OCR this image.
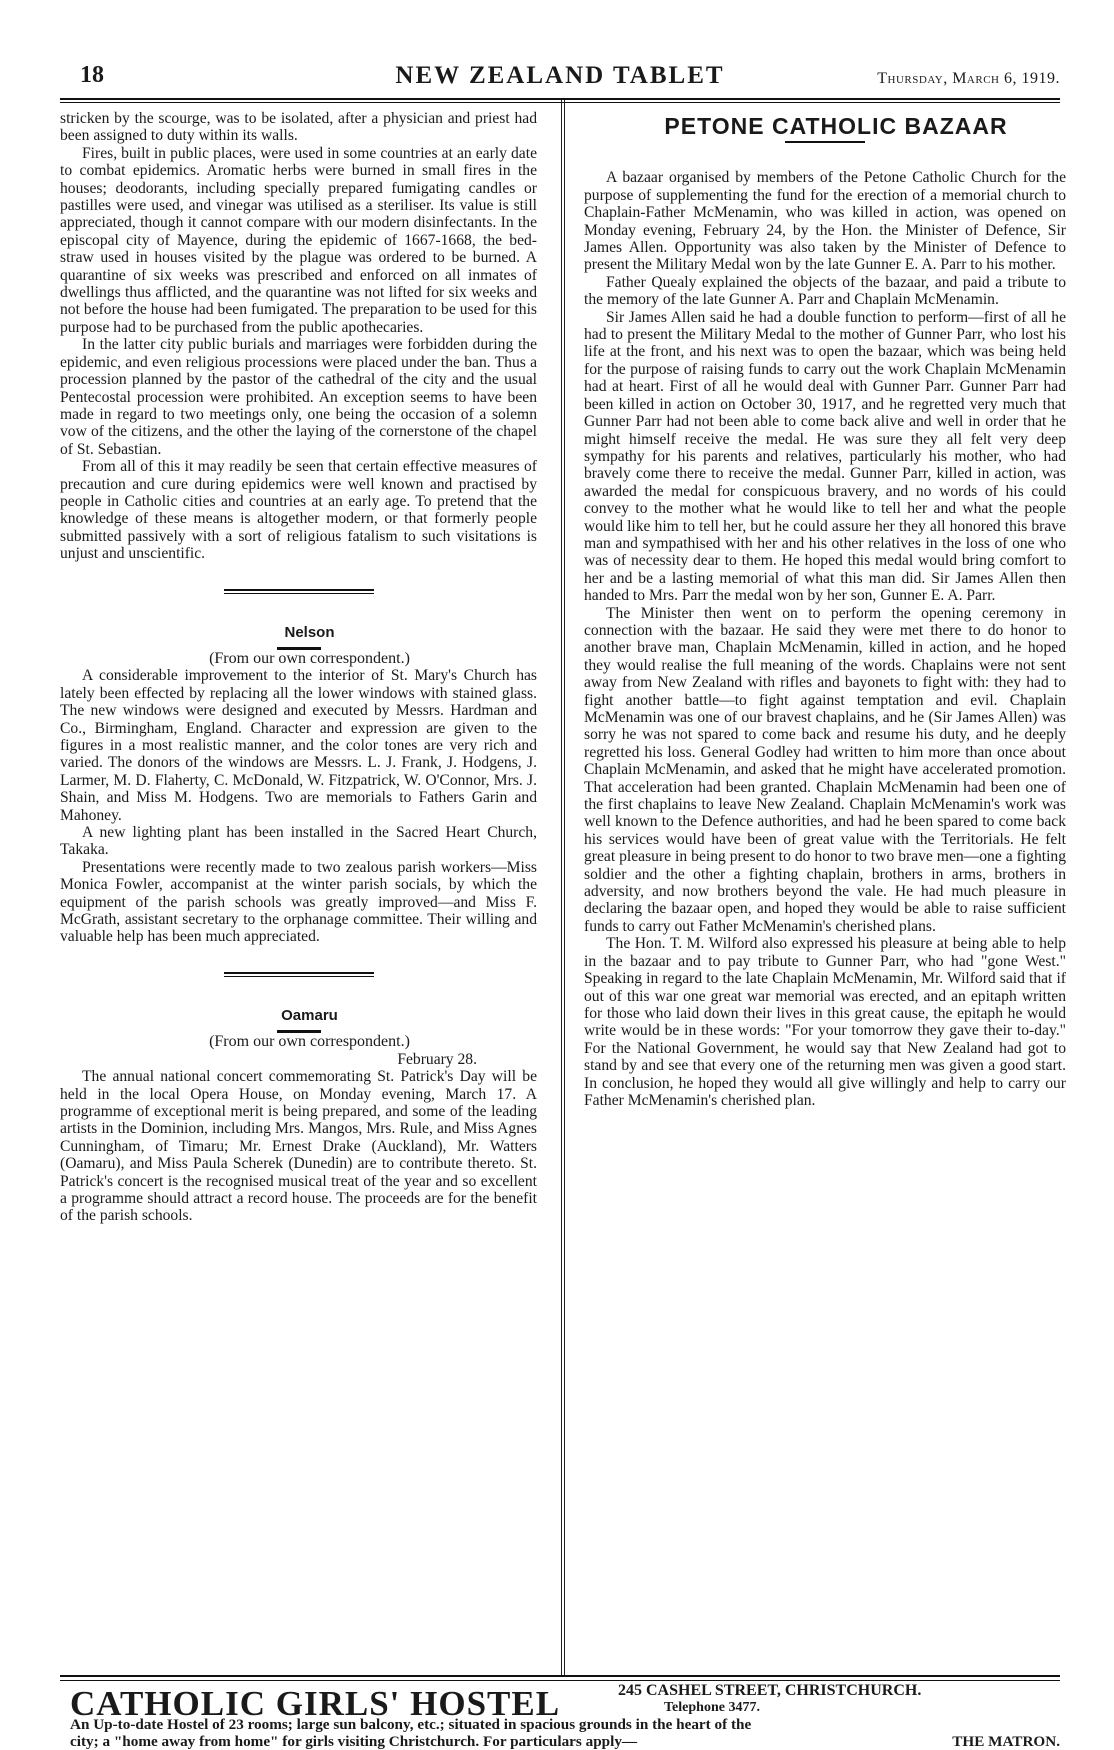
18	NEW ZEALAND TABLET	Thursday, March 6, 1919.

stricken by the scourge, was to be isolated, after a physician and priest had been assigned to duty within its walls.

Fires, built in public places, were used in some countries at an early date to combat epidemics. Aromatic herbs were burned in small fires in the houses; deodorants, including specially prepared fumigating candles or pastilles were used, and vinegar was utilised as a steriliser. Its value is still appreciated, though it cannot compare with our modern disinfectants. In the episcopal city of Mayence, during the epidemic of 1667-1668, the bed-straw used in houses visited by the plague was ordered to be burned. A quarantine of six weeks was prescribed and enforced on all inmates of dwellings thus afflicted, and the quarantine was not lifted for six weeks and not before the house had been fumigated. The preparation to be used for this purpose had to be purchased from the public apothecaries.

In the latter city public burials and marriages were forbidden during the epidemic, and even religious processions were placed under the ban. Thus a procession planned by the pastor of the cathedral of the city and the usual Pentecostal procession were prohibited. An exception seems to have been made in regard to two meetings only, one being the occasion of a solemn vow of the citizens, and the other the laying of the cornerstone of the chapel of St. Sebastian.

From all of this it may readily be seen that certain effective measures of precaution and cure during epidemics were well known and practised by people in Catholic cities and countries at an early age. To pretend that the knowledge of these means is altogether modern, or that formerly people submitted passively with a sort of religious fatalism to such visitations is unjust and unscientific.

Nelson

(From our own correspondent.)

A considerable improvement to the interior of St. Mary's Church has lately been effected by replacing all the lower windows with stained glass. The new windows were designed and executed by Messrs. Hardman and Co., Birmingham, England. Character and expression are given to the figures in a most realistic manner, and the color tones are very rich and varied. The donors of the windows are Messrs. L. J. Frank, J. Hodgens, J. Larmer, M. D. Flaherty, C. McDonald, W. Fitzpatrick, W. O'Connor, Mrs. J. Shain, and Miss M. Hodgens. Two are memorials to Fathers Garin and Mahoney.

A new lighting plant has been installed in the Sacred Heart Church, Takaka.

Presentations were recently made to two zealous parish workers—Miss Monica Fowler, accompanist at the winter parish socials, by which the equipment of the parish schools was greatly improved—and Miss F. McGrath, assistant secretary to the orphanage committee. Their willing and valuable help has been much appreciated.

Oamaru

(From our own correspondent.)

February 28.

The annual national concert commemorating St. Patrick's Day will be held in the local Opera House, on Monday evening, March 17. A programme of exceptional merit is being prepared, and some of the leading artists in the Dominion, including Mrs. Mangos, Mrs. Rule, and Miss Agnes Cunningham, of Timaru; Mr. Ernest Drake (Auckland), Mr. Watters (Oamaru), and Miss Paula Scherek (Dunedin) are to contribute thereto. St. Patrick's concert is the recognised musical treat of the year and so excellent a programme should attract a record house. The proceeds are for the benefit of the parish schools.

PETONE CATHOLIC BAZAAR

A bazaar organised by members of the Petone Catholic Church for the purpose of supplementing the fund for the erection of a memorial church to Chaplain-Father McMenamin, who was killed in action, was opened on Monday evening, February 24, by the Hon. the Minister of Defence, Sir James Allen. Opportunity was also taken by the Minister of Defence to present the Military Medal won by the late Gunner E. A. Parr to his mother.

Father Quealy explained the objects of the bazaar, and paid a tribute to the memory of the late Gunner A. Parr and Chaplain McMenamin.

Sir James Allen said he had a double function to perform—first of all he had to present the Military Medal to the mother of Gunner Parr, who lost his life at the front, and his next was to open the bazaar, which was being held for the purpose of raising funds to carry out the work Chaplain McMenamin had at heart. First of all he would deal with Gunner Parr. Gunner Parr had been killed in action on October 30, 1917, and he regretted very much that Gunner Parr had not been able to come back alive and well in order that he might himself receive the medal. He was sure they all felt very deep sympathy for his parents and relatives, particularly his mother, who had bravely come there to receive the medal. Gunner Parr, killed in action, was awarded the medal for conspicuous bravery, and no words of his could convey to the mother what he would like to tell her and what the people would like him to tell her, but he could assure her they all honored this brave man and sympathised with her and his other relatives in the loss of one who was of necessity dear to them. He hoped this medal would bring comfort to her and be a lasting memorial of what this man did. Sir James Allen then handed to Mrs. Parr the medal won by her son, Gunner E. A. Parr.

The Minister then went on to perform the opening ceremony in connection with the bazaar. He said they were met there to do honor to another brave man, Chaplain McMenamin, killed in action, and he hoped they would realise the full meaning of the words. Chaplains were not sent away from New Zealand with rifles and bayonets to fight with: they had to fight another battle—to fight against temptation and evil. Chaplain McMenamin was one of our bravest chaplains, and he (Sir James Allen) was sorry he was not spared to come back and resume his duty, and he deeply regretted his loss. General Godley had written to him more than once about Chaplain McMenamin, and asked that he might have accelerated promotion. That acceleration had been granted. Chaplain McMenamin had been one of the first chaplains to leave New Zealand. Chaplain McMenamin's work was well known to the Defence authorities, and had he been spared to come back his services would have been of great value with the Territorials. He felt great pleasure in being present to do honor to two brave men—one a fighting soldier and the other a fighting chaplain, brothers in arms, brothers in adversity, and now brothers beyond the vale. He had much pleasure in declaring the bazaar open, and hoped they would be able to raise sufficient funds to carry out Father McMenamin's cherished plans.

The Hon. T. M. Wilford also expressed his pleasure at being able to help in the bazaar and to pay tribute to Gunner Parr, who had "gone West." Speaking in regard to the late Chaplain McMenamin, Mr. Wilford said that if out of this war one great war memorial was erected, and an epitaph written for those who laid down their lives in this great cause, the epitaph he would write would be in these words: "For your tomorrow they gave their to-day." For the National Government, he would say that New Zealand had got to stand by and see that every one of the returning men was given a good start. In conclusion, he hoped they would all give willingly and help to carry our Father McMenamin's cherished plan.

CATHOLIC GIRLS' HOSTEL	245 CASHEL STREET, CHRISTCHURCH.
Telephone 3477.
An Up-to-date Hostel of 23 rooms; large sun balcony, etc.; situated in spacious grounds in the heart of the
city; a "home away from home" for girls visiting Christchurch. For particulars apply—	THE MATRON.
